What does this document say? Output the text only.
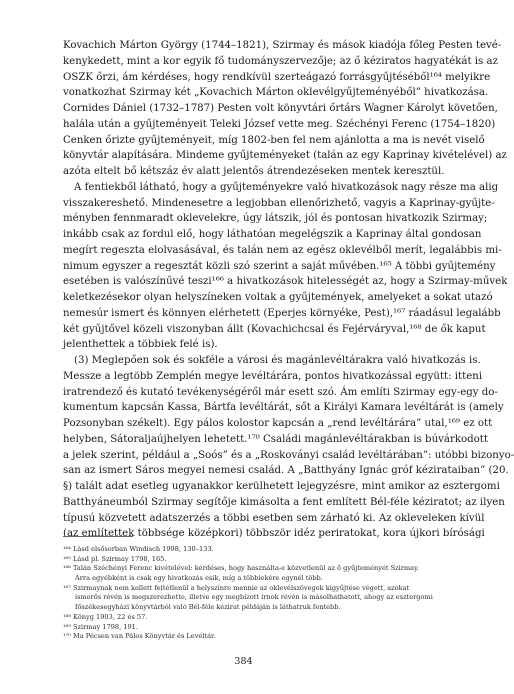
Kovachich Márton György (1744–1821), Szirmay és mások kiadója főleg Pesten tevé-
kenykedett, mint a kor egyik fő tudományszervezője; az ő kéziratos hagyatékát is az
OSZK őrzi, ám kérdéses, hogy rendkívül szerteágazó forrásgyűjtéséből¹⁶⁴ melyikre
vonatkozhat Szirmay két „Kovachich Márton oklevélgyűjteményéből” hivatkozása.
Cornides Dániel (1732–1787) Pesten volt könyvtári őrtárs Wagner Károlyt követően,
halála után a gyűjteményeit Teleki József vette meg. Széchényi Ferenc (1754–1820)
Cenken őrizte gyűjteményeit, míg 1802-ben fel nem ajánlotta a ma is nevét viselő
könyvtár alapítására. Mindeme gyűjteményeket (talán az egy Kaprinay kivételével) az
azóta eltelt bő kétszáz év alatt jelentős átrendezéseken mentek keresztül.
A fentiekből látható, hogy a gyűjteményekre való hivatkozások nagy része ma alig
visszakereshető. Mindenesetre a legjobban ellenőrizhető, vagyis a Kaprinay-gyűjte-
ményben fennmaradt oklevelekre, úgy látszik, jól és pontosan hivatkozik Szirmay;
inkább csak az fordul elő, hogy láthatóan megelégszik a Kaprinay által gondosan
megírt regeszta elolvasásával, és talán nem az egész oklevélből merít, legalábbis mi-
nimum egyszer a regesztát közli szó szerint a saját művében.¹⁶⁵ A többi gyűjtemény
esetében is valószínűvé teszi¹⁶⁶ a hivatkozások hitelességét az, hogy a Szirmay-művek
keletkezésekor olyan helyszíneken voltak a gyűjtemények, amelyeket a sokat utazó
nemesúr ismert és könnyen elérhetett (Eperjes környéke, Pest),¹⁶⁷ ráadásul legalább
két gyűjtővel közeli viszonyban állt (Kovachichcsal és Fejérváryval,¹⁶⁸ de ők kaput
jelenthettek a többiek felé is).
(3) Meglepően sok és sokféle a városi és magánlevéltárakra való hivatkozás is.
Messze a legtöbb Zemplén megye levéltárára, pontos hivatkozással együtt: itteni
iratrendező és kutató tevékenységéről már esett szó. Ám említi Szirmay egy-egy do-
kumentum kapcsán Kassa, Bártfa levéltárát, sőt a Királyi Kamara levéltárát is (amely
Pozsonyban székelt). Egy pálos kolostor kapcsán a „rend levéltárára” utal,¹⁶⁹ ez ott
helyben, Sátoraljaújhelyen lehetett.¹⁷⁰ Családi magánlevéltárakban is búvárkodott
a jelek szerint, például a „Soós” és a „Roskoványi család levéltárában”: utóbbi bizonyo-
san az ismert Sáros megyei nemesi család. A „Batthyány Ignác gróf kézirataiban” (20.
§) talált adat esetleg ugyanakkor kerülhetett lejegyzésre, mint amikor az esztergomi
Batthyáneumból Szirmay segítője kimásolta a fent említett Bél-féle kéziratot; az ilyen
típusú közvetett adatszerzés a többi esetben sem zárható ki. Az okleveleken kívül
(az említettek többsége középkori) többször idéz periratokat, kora újkori bírósági
¹⁶⁴ Lásd elsősorban Windisch 1998, 130–133.
¹⁶⁵ Lásd pl. Szirmay 1798, 165.
¹⁶⁶ Talán Széchényi Ferenc kivételével: kérdéses, hogy használta-e közvetlenül az ő gyűjteményét Szirmay.
Arra egyébként is csak egy hivatkozás esik, míg a többiekére egynél több.
¹⁶⁷ Szirmaynak nem kellett feltétlenül a helyszínre mennie az oklevélszövegek kigyűjtése végett, azokat
ismerős révén is megszerezhette, illetve egy megbízott írnok révén is másolhathatott, ahogy az esztergomi
főszékesegyházi könyvtárból való Bél-féle kézirat példáján is láthatruk fentebb.
¹⁶⁸ Könyg 1903, 22 és 57.
¹⁶⁹ Szirmay 1798, 191.
¹⁷⁰ Ma Pécsen van Pálos Könyvtár és Levéltár.
384
